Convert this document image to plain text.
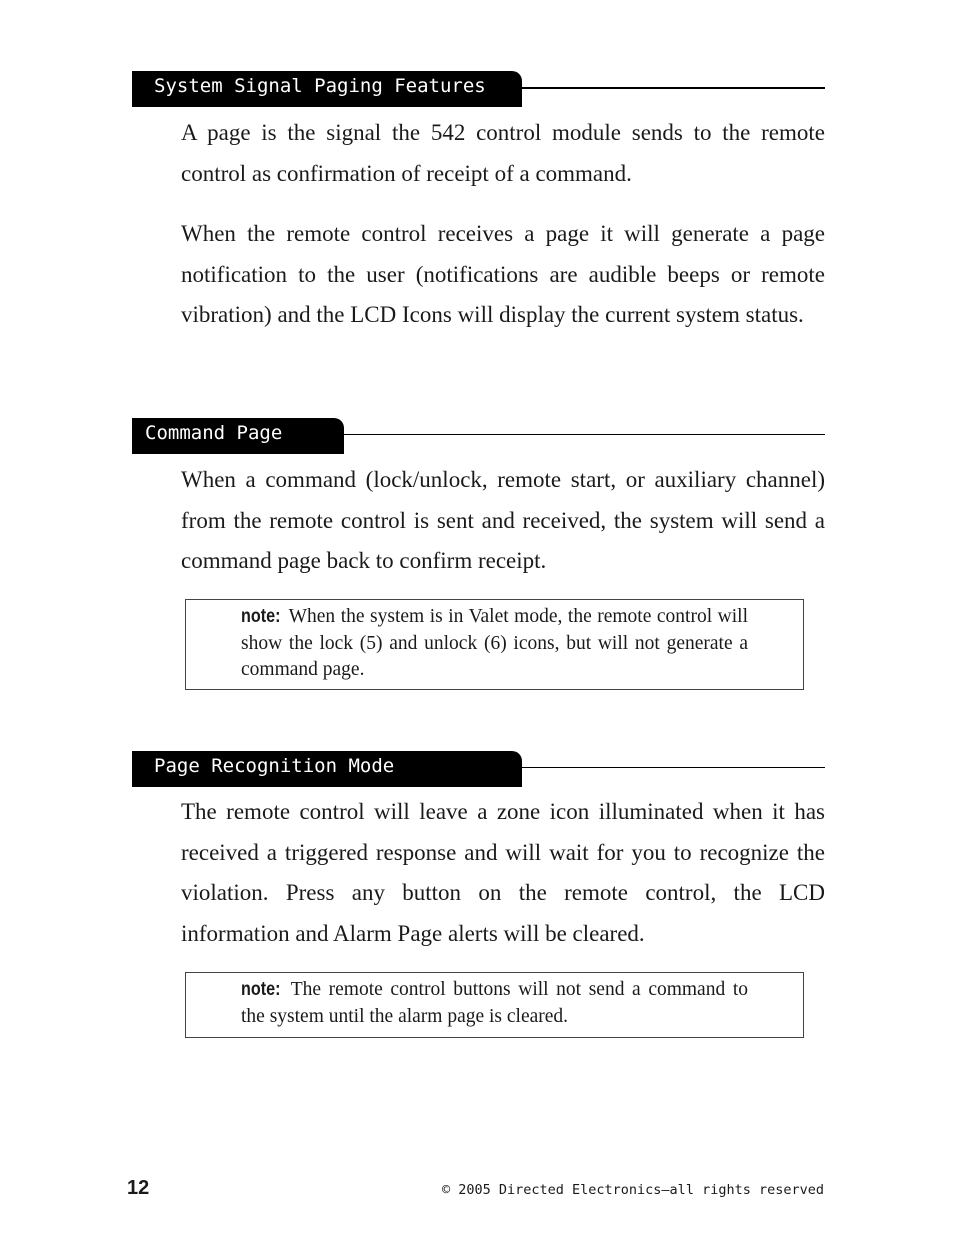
System Signal Paging Features

A page is the signal the 542 control module sends to the remote control as confirmation of receipt of a command.

When the remote control receives a page it will generate a page notification to the user (notifications are audible beeps or remote vibration) and the LCD Icons will display the current system status.

Command Page

When a command (lock/unlock, remote start, or auxiliary channel) from the remote control is sent and received, the system will send a command page back to confirm receipt.

note: When the system is in Valet mode, the remote control will show the lock (5) and unlock (6) icons, but will not generate a command page.
Page Recognition Mode

The remote control will leave a zone icon illuminated when it has received a triggered response and will wait for you to recognize the violation. Press any button on the remote control, the LCD information and Alarm Page alerts will be cleared.

note: The remote control buttons will not send a command to the system until the alarm page is cleared.
12	© 2005 Directed Electronics—all rights reserved
